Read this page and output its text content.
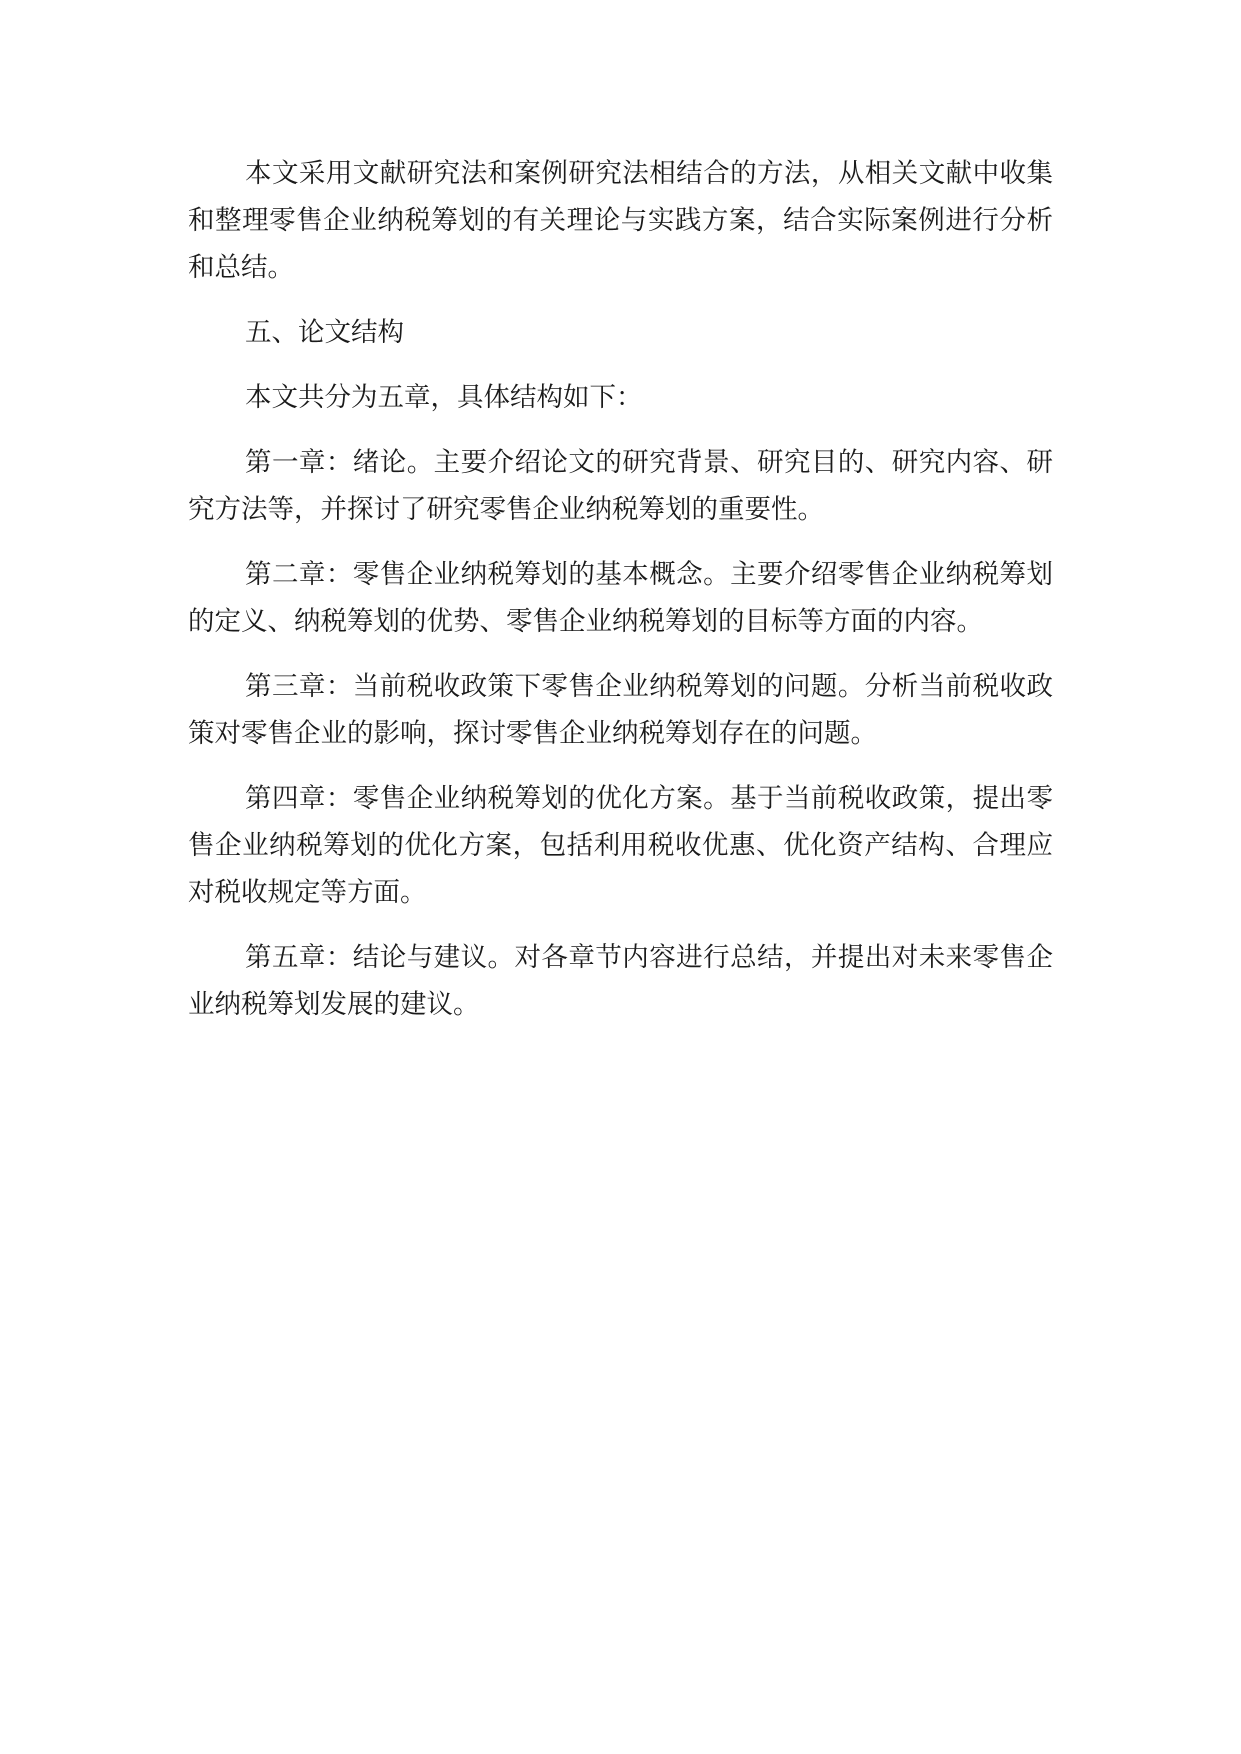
本文采用文献研究法和案例研究法相结合的方法，从相关文献中收集和整理零售企业纳税筹划的有关理论与实践方案，结合实际案例进行分析和总结。

五、论文结构

本文共分为五章，具体结构如下：

第一章：绪论。主要介绍论文的研究背景、研究目的、研究内容、研究方法等，并探讨了研究零售企业纳税筹划的重要性。

第二章：零售企业纳税筹划的基本概念。主要介绍零售企业纳税筹划的定义、纳税筹划的优势、零售企业纳税筹划的目标等方面的内容。

第三章：当前税收政策下零售企业纳税筹划的问题。分析当前税收政策对零售企业的影响，探讨零售企业纳税筹划存在的问题。

第四章：零售企业纳税筹划的优化方案。基于当前税收政策，提出零售企业纳税筹划的优化方案，包括利用税收优惠、优化资产结构、合理应对税收规定等方面。

第五章：结论与建议。对各章节内容进行总结，并提出对未来零售企业纳税筹划发展的建议。
